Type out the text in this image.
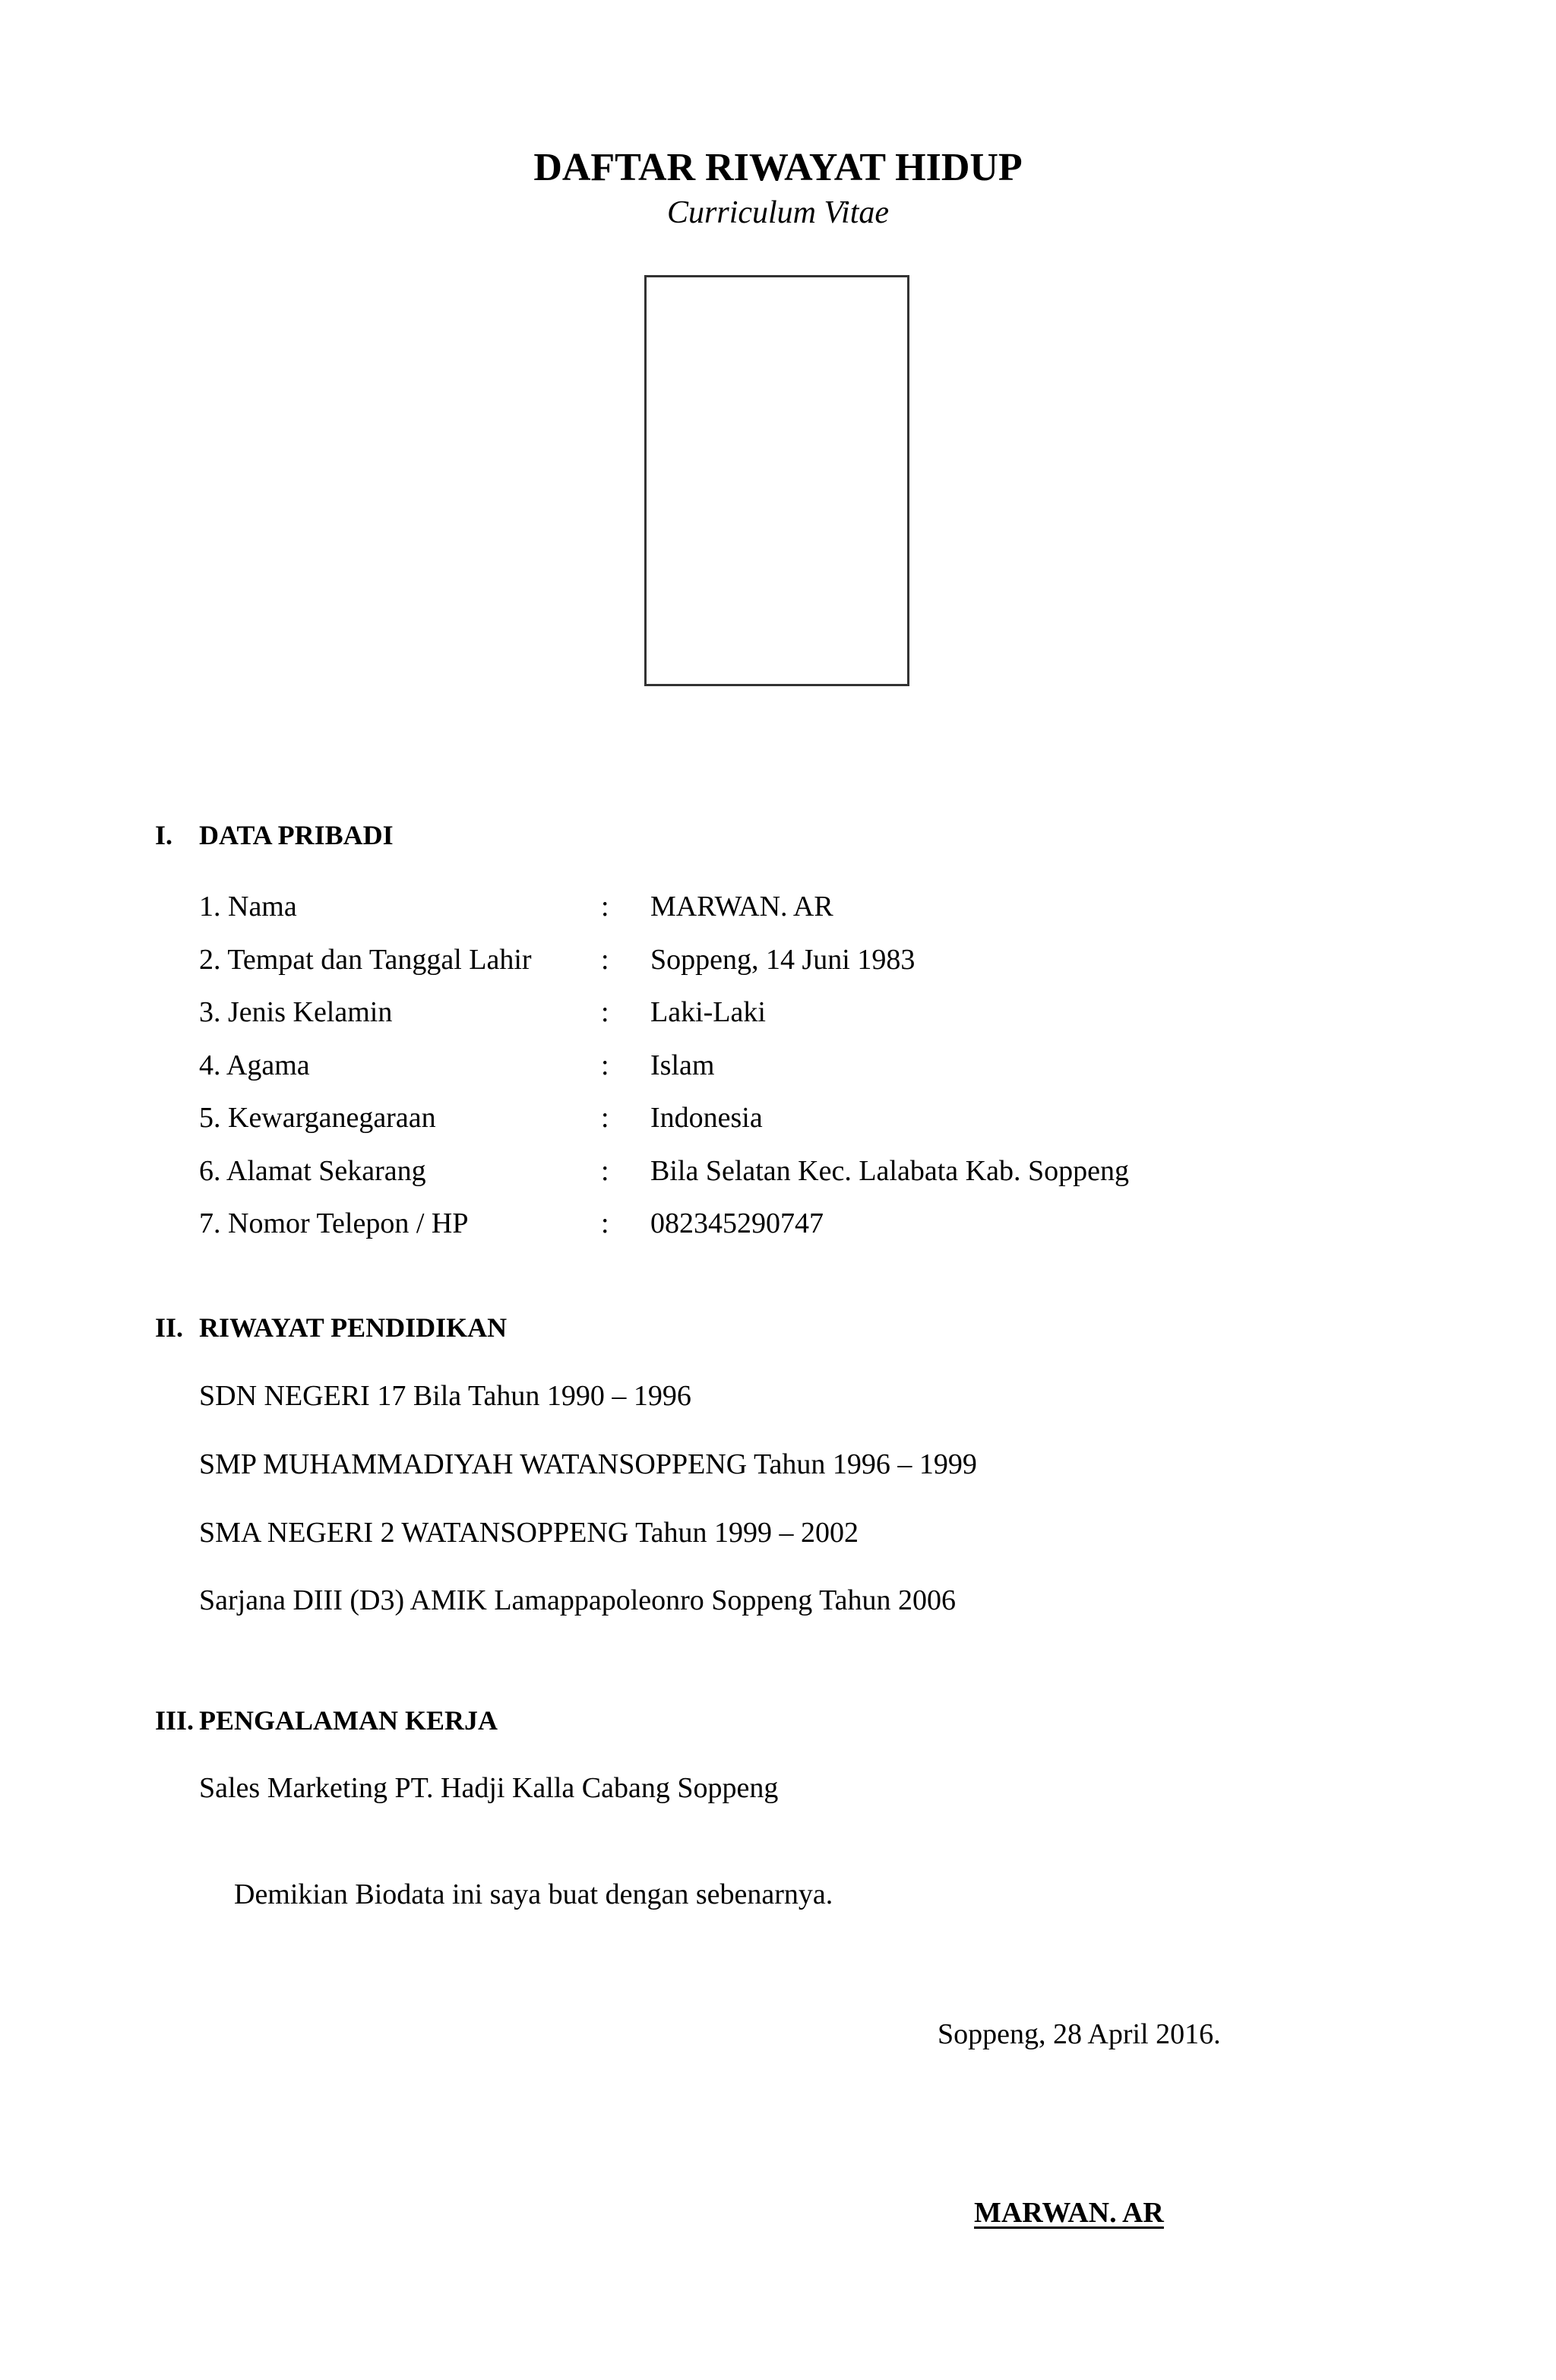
DAFTAR RIWAYAT HIDUP
Curriculum Vitae
I. DATA PRIBADI
1. Nama	: MARWAN. AR
2. Tempat dan Tanggal Lahir : Soppeng, 14 Juni 1983
3. Jenis Kelamin	: Laki-Laki
4. Agama	: Islam
5. Kewarganegaraan	: Indonesia
6. Alamat Sekarang	: Bila Selatan Kec. Lalabata Kab. Soppeng
7. Nomor Telepon / HP	: 082345290747
II. RIWAYAT PENDIDIKAN
SDN NEGERI 17 Bila Tahun 1990 – 1996
SMP MUHAMMADIYAH WATANSOPPENG Tahun 1996 – 1999
SMA NEGERI 2 WATANSOPPENG Tahun 1999 – 2002
Sarjana DIII (D3) AMIK Lamappapoleonro Soppeng Tahun 2006
III. PENGALAMAN KERJA
Sales Marketing PT. Hadji Kalla Cabang Soppeng
Demikian Biodata ini saya buat dengan sebenarnya.
Soppeng, 28 April 2016.
MARWAN. AR
